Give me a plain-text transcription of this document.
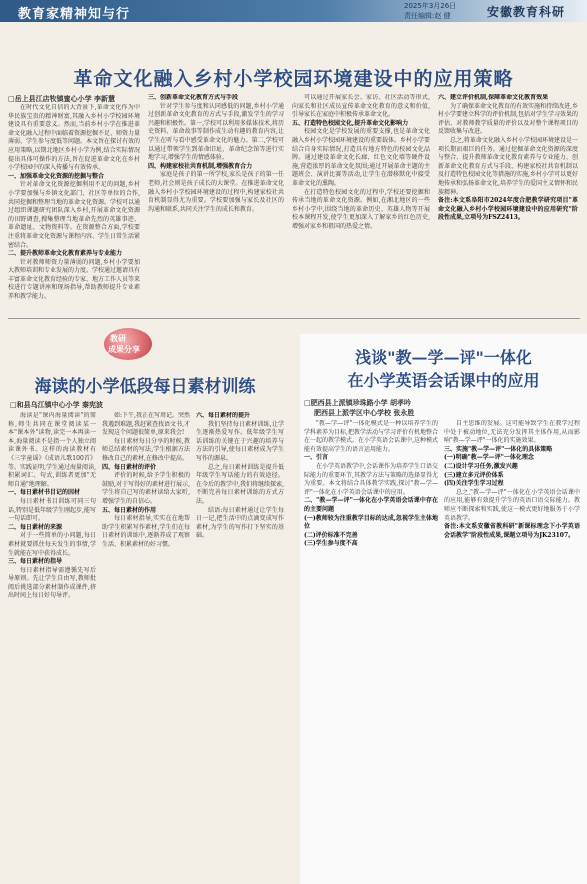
教育家精神知与行
2025年3月26日
责任编辑:赵 健	安徽教育科研
革命文化融入乡村小学校园环境建设中的应用策略
□岳上县江店牧镇蜜心小学 李新慧

在时代文化自信的大背景下,革命文化作为中华民族宝贵的精神财富,其融入乡村小学校园环境建设具有重要意义。然而,当前乡村小学在推进革命文化融入过程中面临着资源挖掘不足、师资力量薄弱、学生参与度低等问题。本文旨在探讨有效的应用策略,以期北地区乡村小学为例,结合实际情况提出具体可操作的方法,旨在促进革命文化在乡村小学校园中的深入传播与有效传承。

一、加强革命文化资源的挖掘与整合

针对革命文化资源挖掘利用不足的问题,乡村小学要加强与乡镇文化部门、社区等单位的合作,共同挖掘和整理当地的革命文化资源。学校可以通过组织课题研究团队深入乡村,开展革命文化资源的田野调查,搜集整理当地革命先烈的英雄事迹、革命遗址、文物资料等。在资源整合方面,学校要注重将革命文化资源与课程内容、学生日常生活紧密结合。

二、提升教师革命文化教育素养与专业能力

针对教师师资力量薄弱的问题,乡村小学要加大教师培训和专业发展的力度。学校通过邀请具有丰富革命文化教育经验的专家、地方工作人员等来校进行专题讲座和现场指导,帮助教师提升专业素养和教学能力。

三、创新革命文化教育方式与手段

针对学生参与度和认同感低的问题,乡村小学通过创新革命文化教育的方式与手段,激发学生的学习兴趣和积极性。第一,学校可以利用多媒体技术,将历史资料、革命故事等制作成生动有趣的教育内容,让学生在听与看中感受革命文化的魅力。第二,学校可以通过带领学生到革命旧址、革命纪念馆等进行实地学习,增强学生的情感体验。

四、构建家校社共育机制,增强教育合力

家庭是孩子的第一所学校,家长是孩子的第一任老师,社会则是孩子成长的大课堂。在推进革命文化融入乡村小学校园环境建设的过程中,构建家校社共育机制显得尤为重要。学校要加强与家长及社区的沟通和联系,共同关注学生的成长和教育。

可以通过开展家长会、家访、社区活动等形式,向家长和社区成员宣传革命文化教育的意义和价值,引导家长在家庭中积极传承革命文化。

五、打造特色校园文化,提升革命文化影响力

校园文化是学校发展的重要支撑,也是革命文化融入乡村小学校园环境建设的重要载体。乡村小学要结合自身实际情况,打造具有地方特色的校园文化品牌。通过建设革命文化长廊、红色文化墙等硬件设施,营造浓厚的革命文化氛围;通过开展革命主题的主题班会、演讲比赛等活动,让学生在潜移默化中接受革命文化的熏陶。

在打造特色校园文化的过程中,学校还要挖掘和传承当地的革命文化资源。例如,在湘北地区的一些乡村小学中,围绕当地的革命历史、英雄人物等开展校本课程开发,使学生更加深入了解家乡的红色历史,增强对家乡和祖国的热爱之情。

六、建立评价机制,保障革命文化教育效果

为了确保革命文化教育的有效实施和持续改进,乡村小学要建立科学的评价机制,包括对学生学习效果的评估、对教师教学质量的评价以及对整个课程项目的反馈收集与改进。

总之,将革命文化融入乡村小学校园环境建设是一项长期而艰巨的任务。通过挖掘革命文化资源的深度与整合、提升教师革命文化教育素养与专业能力、创新革命文化教育方式与手段、构建家校社共育机制以及打造特色校园文化等措施的实施,乡村小学可以更好地传承和弘扬革命文化,培养学生的爱国主义情怀和民族精神。

备注:本文系阜阳市2024年度合肥教学研究项目"革命文化融入乡村小学校园环境建设中的应用研究"阶段性成果,立项号为FSZ2413。

教研
成果分享
海读的小学低段每日素材训练
□和县乌江镇中心小学 秦宪波

海读是"课内海量阅读"的简称,师生共同在课堂阅读某一本"课本外"读物,读完一本再读一本,海量阅读不是指一个人独立阅读课外书。这样的海读教材有《三字童谣》《成语儿歌100首》等。实践证明,学生通过海量阅读,积累词汇、句式,训练者更加"无师自通"地理解。

一、每日素材书目记的因材

每日素材书目训练可同三句话,特别是低年级学生刚起步,能写一句话即可。

二、每日素材的来源

对于一些简单的小问题,每日素材就要抓住每天发生的事情,学生就能在写中获得成长。

三、每日素材的指导

每日素材指导需遵循先写后导原则。先让学生自由写,教师批阅后挑选部分素材制作成课件,挤出时间上每日好句导评。

如:下午,我正在写周记。突然我遇到难题,我赶紧查找语文书,才发现这个问题很简单,原来我会!

每日素材每日分享的时候,教师总结素材的写法,学生根据方法修改自己的素材,在修改中提高。

四、每日素材的评价

评价的时候,给予学生积极的鼓励,对于写得好的素材进行展示,学生将自己写的素材读给大家听,增强学生的自信心。

五、每日素材的作用

每日素材指导,实实在在地帮助学生积累写作素材,学生们在每日素材的训练中,逐渐养成了观察生活、积累素材的好习惯。

六、每日素材的提升

我们坚持每日素材训练,让学生逐渐热爱写作。低年级学生写话训练的关键在于兴趣的培养与方法的引导,使每日素材成为学生写作的源泉。

总之,每日素材训练是提升低年级学生写话能力的有效途径。在今后的教学中,我们将继续探索,不断完善每日素材训练的方式方法。

结语:每日素材通过让学生每日一记,把生活中的点滴变成写作素材,为学生的写作打下坚实的基础。

浅谈"教—学—评"一体化
在小学英语会话课中的应用
□肥西县上派镇珍珠路小学 胡孝吟
肥西县上派学区中心学校 张永胜

"教—学—评"一体化模式是一种以培养学生的学科素养为目标,把教学活动与学习评价有机地整合在一起的教学模式。在小学英语会话课中,这种模式能有效提高学生的语言运用能力。

一、引言

在小学英语教学中,会话课作为培养学生口语交际能力的重要环节,其教学方法与策略的选择显得尤为重要。本文将结合具体教学实践,探讨"教—学—评"一体化在小学英语会话课中的应用。

二、"教—学—评"一体化在小学英语会话课中存在的主要问题

(一)教师较为注重教学目标的达成,忽视学生主体地位

(二)评价标准不完善

(三)学生参与度不高

自主思维的发展。这可能导致学生在教学过程中处于被动地位,无法充分发挥其主体作用,从而影响"教—学—评"一体化的实施效果。

三、实施"教—学—评"一体化的具体策略

(一)明确"教—学—评"一体化理念

(二)设计学习任务,激发兴趣

(三)建立多元评价体系

(四)关注学生学习过程

总之,"教—学—评"一体化在小学英语会话课中的应用,能够有效提升学生的英语口语交际能力。教师应不断探索和实践,使这一模式更好地服务于小学英语教学。

备注:本文系安徽省教科研"新课标理念下小学英语会话教学"阶段性成果,课题立项号为JK23107。
